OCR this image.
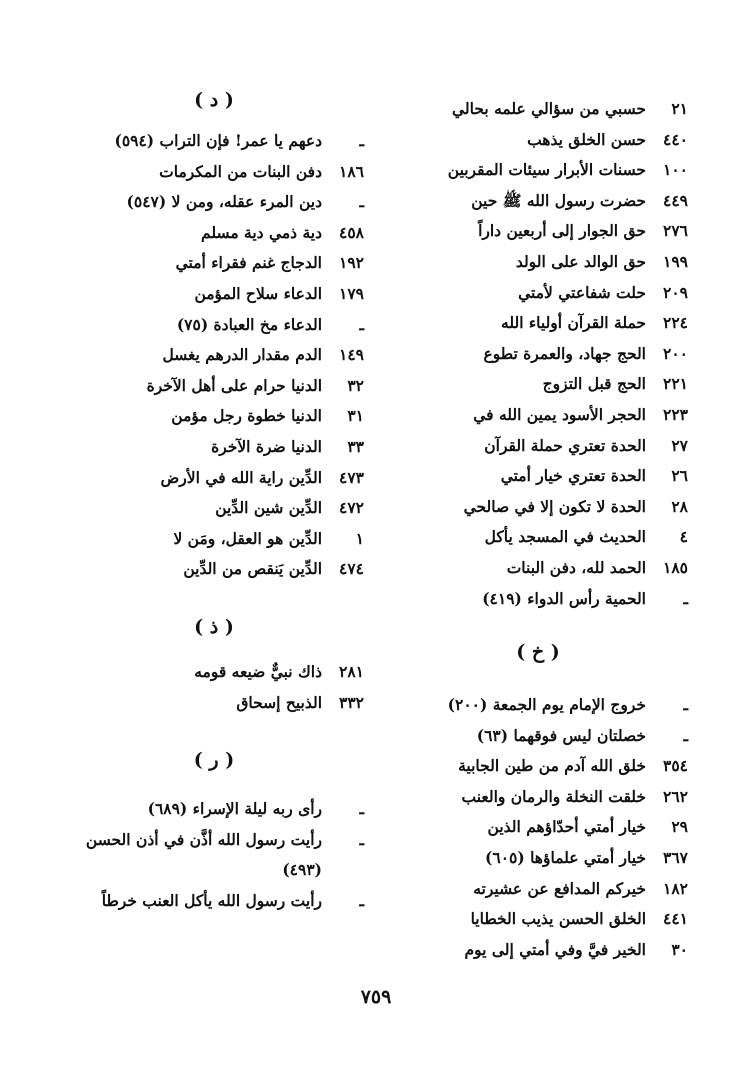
٢١
حسبي من سؤالي علمه بحالي
٤٤٠
حسن الخلق يذهب
١٠٠
حسنات الأبرار سيئات المقربين
٤٤٩
حضرت رسول الله ﷺ حين
٢٧٦
حق الجوار إلى أربعين داراً
١٩٩
حق الوالد على الولد
٢٠٩
حلت شفاعتي لأمتي
٢٢٤
حملة القرآن أولياء الله
٢٠٠
الحج جهاد، والعمرة تطوع
٢٢١
الحج قبل التزوج
٢٢٣
الحجر الأسود يمين الله في
٢٧
الحدة تعتري حملة القرآن
٢٦
الحدة تعتري خيار أمتي
٢٨
الحدة لا تكون إلا في صالحي
٤
الحديث في المسجد يأكل
١٨٥
الحمد لله، دفن البنات
ـ
الحمية رأس الدواء (٤١٩)
( خ )
ـ
خروج الإمام يوم الجمعة (٢٠٠)
ـ
خصلتان ليس فوقهما (٦٣)
٣٥٤
خلق الله آدم من طين الجابية
٢٦٢
خلقت النخلة والرمان والعنب
٢٩
خيار أمتي أحدّاؤهم الذين
٣٦٧
خيار أمتي علماؤها (٦٠٥)
١٨٢
خيركم المدافع عن عشيرته
٤٤١
الخلق الحسن يذيب الخطايا
٣٠
الخير فيَّ وفي أمتي إلى يوم
( د )
ـ
دعهم يا عمر! فإن التراب (٥٩٤)
١٨٦
دفن البنات من المكرمات
ـ
دين المرء عقله، ومن لا (٥٤٧)
٤٥٨
دية ذمي دية مسلم
١٩٢
الدجاج غنم فقراء أمتي
١٧٩
الدعاء سلاح المؤمن
ـ
الدعاء مخ العبادة (٧٥)
١٤٩
الدم مقدار الدرهم يغسل
٣٢
الدنيا حرام على أهل الآخرة
٣١
الدنيا خطوة رجل مؤمن
٣٣
الدنيا ضرة الآخرة
٤٧٣
الدِّين راية الله في الأرض
٤٧٢
الدِّين شين الدِّين
١
الدِّين هو العقل، ومَن لا
٤٧٤
الدِّين يَنقص من الدِّين
( ذ )
٢٨١
ذاك نبيٌّ ضيعه قومه
٣٣٢
الذبيح إسحاق
( ر )
ـ
رأى ربه ليلة الإسراء (٦٨٩)
ـ
رأيت رسول الله أذَّن في أذن الحسن
(٤٩٣)
ـ
رأيت رسول الله يأكل العنب خرطاً
٧٥٩
